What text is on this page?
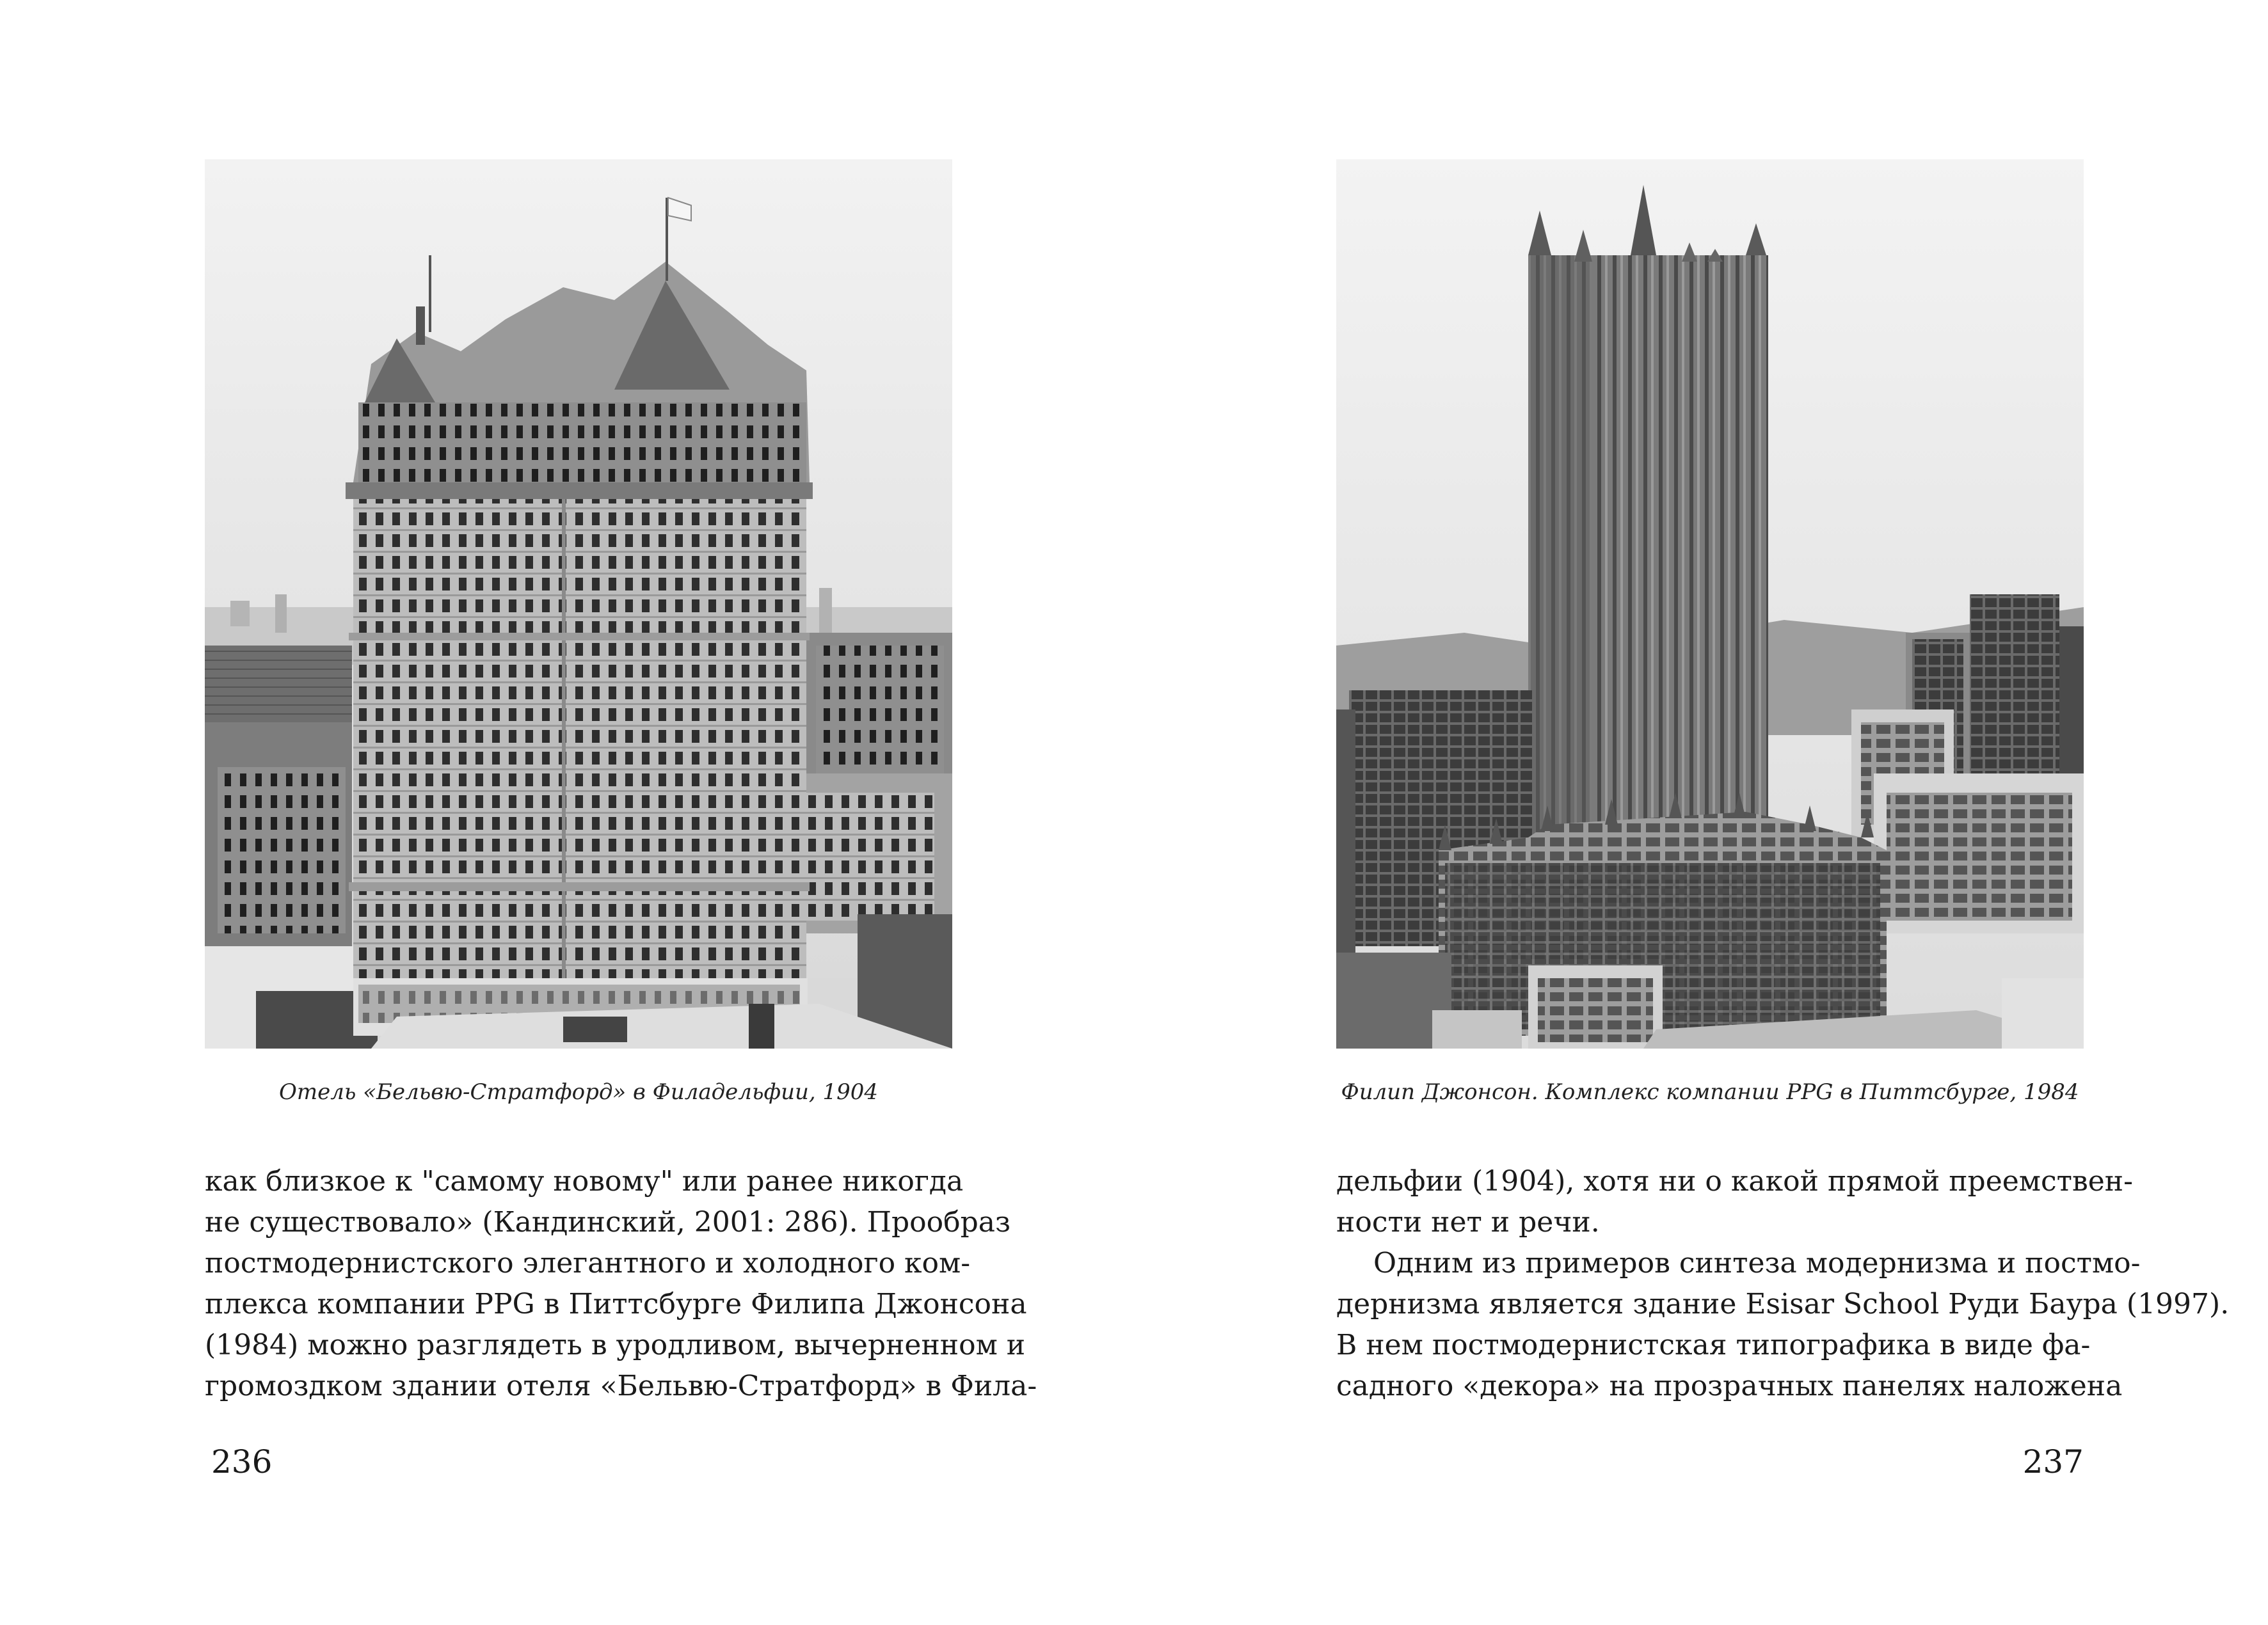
Отель «Бельвю-Стратфорд» в Филадельфии, 1904
как близкое к "самому новому" или ранее никогда
не существовало» (Кандинский, 2001: 286). Прообраз
постмодернистского элегантного и холодного ком-
плекса компании PPG в Питтсбурге Филипа Джонсона
(1984) можно разглядеть в уродливом, вычерненном и
громоздком здании отеля «Бельвю-Стратфорд» в Фила-
236
Филип Джонсон. Комплекс компании PPG в Питтсбурге, 1984
дельфии (1904), хотя ни о какой прямой преемствен-
ности нет и речи.
Одним из примеров синтеза модернизма и постмо-
дернизма является здание Esisar School Руди Баура (1997).
В нем постмодернистская типографика в виде фа-
садного «декора» на прозрачных панелях наложена
237
